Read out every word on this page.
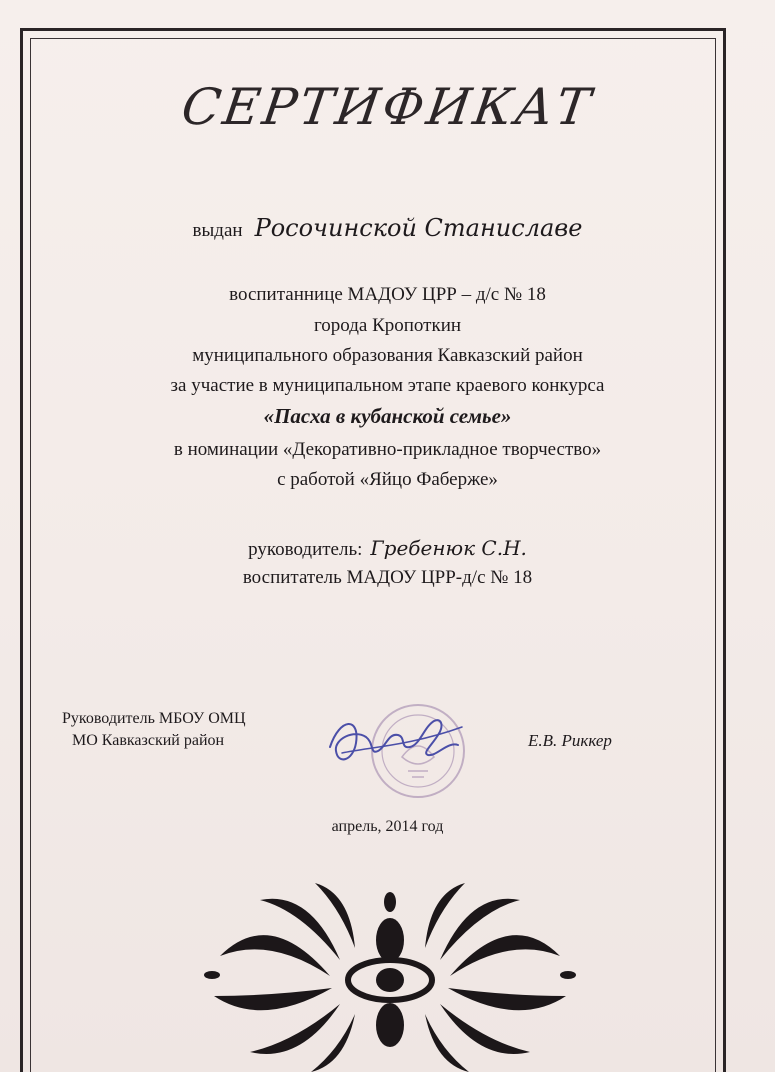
СЕРТИФИКАТ
выдан Росочинской Станиславе
воспитаннице МАДОУ ЦРР – д/с № 18
города Кропоткин
муниципального образования Кавказский район
за участие в муниципальном этапе краевого конкурса
«Пасха в кубанской семье»
в номинации «Декоративно-прикладное творчество»
с работой «Яйцо Фаберже»
руководитель: Гребенюк С.Н.
воспитатель МАДОУ ЦРР-д/с № 18
Руководитель МБОУ ОМЦ
МО Кавказский район	Е.В. Риккер
апрель, 2014 год
